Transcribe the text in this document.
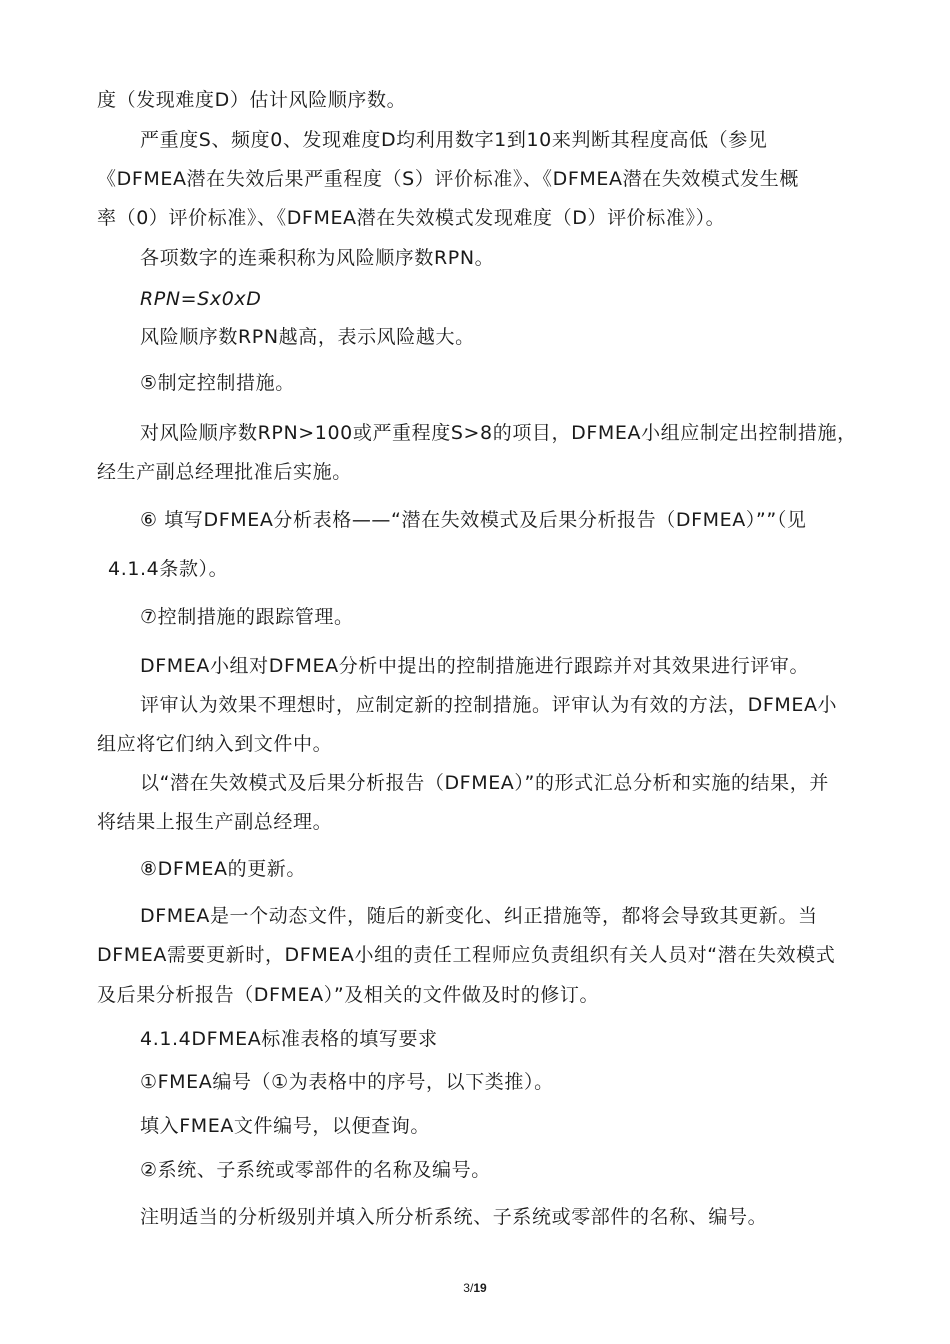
度（发现难度D）估计风险顺序数。
严重度S、频度0、发现难度D均利用数字1到10来判断其程度高低（参见
《DFMEA潜在失效后果严重程度（S）评价标准》、《DFMEA潜在失效模式发生概
率（0）评价标准》、《DFMEA潜在失效模式发现难度（D）评价标准》）。
各项数字的连乘积称为风险顺序数RPN。
RPN=Sx0xD
风险顺序数RPN越高，表示风险越大。
⑤制定控制措施。
对风险顺序数RPN>100或严重程度S>8的项目，DFMEA小组应制定出控制措施，
经生产副总经理批准后实施。
⑥ 填写DFMEA分析表格——“潜在失效模式及后果分析报告（DFMEA）””（见
4.1.4条款）。
⑦控制措施的跟踪管理。
DFMEA小组对DFMEA分析中提出的控制措施进行跟踪并对其效果进行评审。
评审认为效果不理想时，应制定新的控制措施。评审认为有效的方法，DFMEA小
组应将它们纳入到文件中。
以“潜在失效模式及后果分析报告（DFMEA）”的形式汇总分析和实施的结果，并
将结果上报生产副总经理。
⑧DFMEA的更新。
DFMEA是一个动态文件，随后的新变化、纠正措施等，都将会导致其更新。当
DFMEA需要更新时，DFMEA小组的责任工程师应负责组织有关人员对“潜在失效模式
及后果分析报告（DFMEA）”及相关的文件做及时的修订。
4.1.4DFMEA标准表格的填写要求
①FMEA编号（①为表格中的序号，以下类推）。
填入FMEA文件编号，以便查询。
②系统、子系统或零部件的名称及编号。
注明适当的分析级别并填入所分析系统、子系统或零部件的名称、编号。
3/19
